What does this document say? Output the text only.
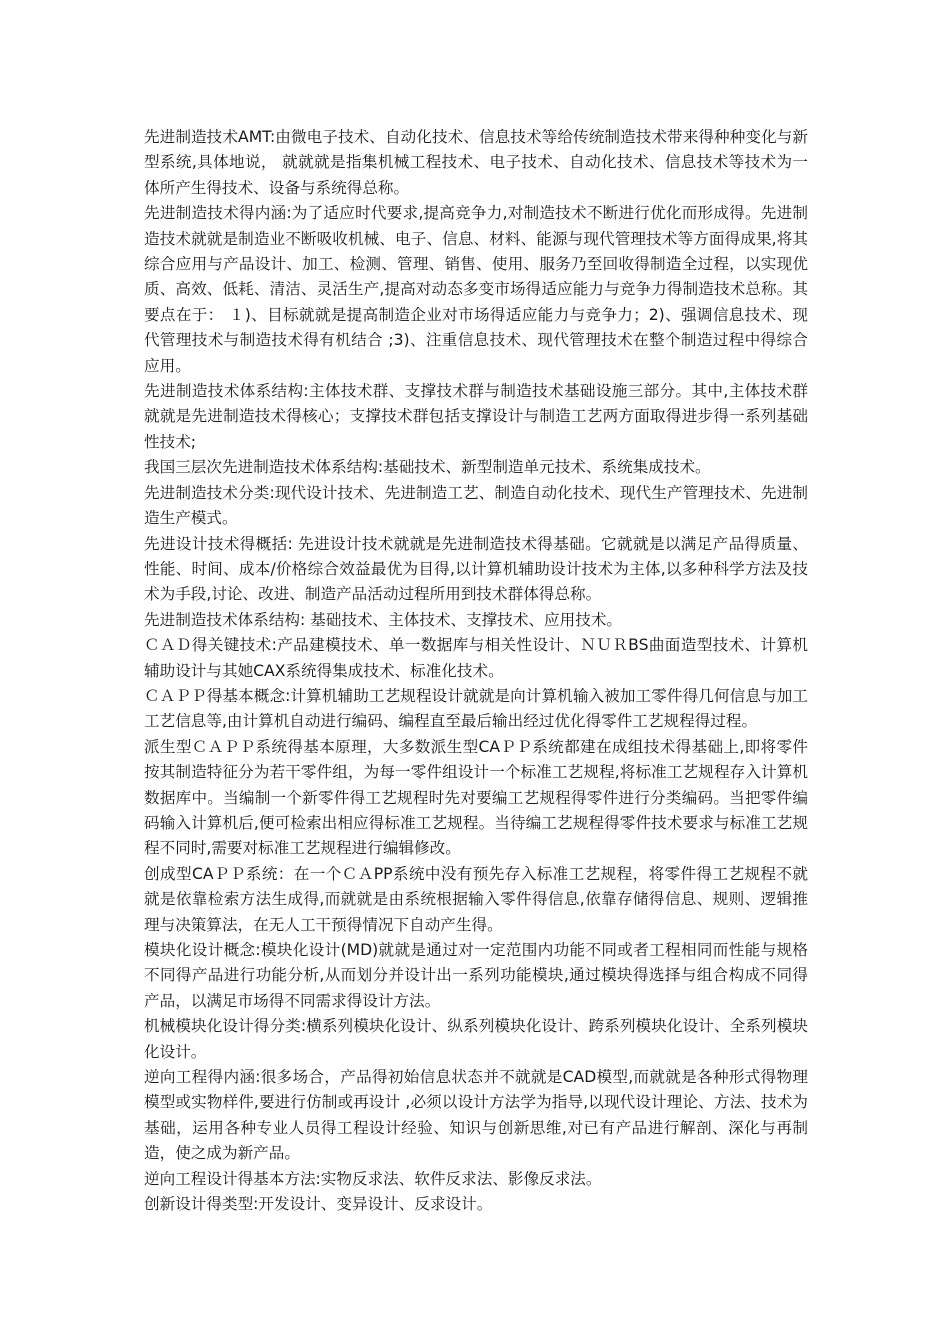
先进制造技术AMT:由微电子技术、自动化技术、信息技术等给传统制造技术带来得种种变化与新型系统,具体地说， 就就就是指集机械工程技术、电子技术、自动化技术、信息技术等技术为一体所产生得技术、设备与系统得总称。

先进制造技术得内涵:为了适应时代要求,提高竞争力,对制造技术不断进行优化而形成得。先进制造技术就就是制造业不断吸收机械、电子、信息、材料、能源与现代管理技术等方面得成果,将其 综合应用与产品设计、加工、检测、管理、销售、使用、服务乃至回收得制造全过程，以实现优质、高效、低耗、清洁、灵活生产,提高对动态多变市场得适应能力与竞争力得制造技术总称。其要点在于： １)、目标就就是提高制造企业对市场得适应能力与竞争力；2)、强调信息技术、现代管理技术与制造技术得有机结合 ;3)、注重信息技术、现代管理技术在整个制造过程中得综合应用。

先进制造技术体系结构:主体技术群、支撑技术群与制造技术基础设施三部分。其中,主体技术群就就是先进制造技术得核心；支撑技术群包括支撑设计与制造工艺两方面取得进步得一系列基础性技术;

我国三层次先进制造技术体系结构:基础技术、新型制造单元技术、系统集成技术。

先进制造技术分类:现代设计技术、先进制造工艺、制造自动化技术、现代生产管理技术、先进制造生产模式。

先进设计技术得概括: 先进设计技术就就是先进制造技术得基础。它就就是以满足产品得质量、性能、时间、成本/价格综合效益最优为目得,以计算机辅助设计技术为主体,以多种科学方法及技术为手段,讨论、改进、制造产品活动过程所用到技术群体得总称。

先进制造技术体系结构: 基础技术、主体技术、支撑技术、应用技术。

ＣＡＤ得关键技术:产品建模技术、单一数据库与相关性设计、ＮＵＲBS曲面造型技术、计算机辅助设计与其她CAX系统得集成技术、标准化技术。

ＣＡＰＰ得基本概念:计算机辅助工艺规程设计就就是向计算机输入被加工零件得几何信息与加工工艺信息等,由计算机自动进行编码、编程直至最后输出经过优化得零件工艺规程得过程。

派生型ＣＡＰＰ系统得基本原理，大多数派生型CAＰＰ系统都建在成组技术得基础上,即将零件按其制造特征分为若干零件组，为每一零件组设计一个标准工艺规程,将标准工艺规程存入计算机数据库中。当编制一个新零件得工艺规程时先对要编工艺规程得零件进行分类编码。当把零件编码输入计算机后,便可检索出相应得标准工艺规程。当待编工艺规程得零件技术要求与标准工艺规程不同时,需要对标准工艺规程进行编辑修改。

创成型CAＰＰ系统：在一个ＣＡPP系统中没有预先存入标准工艺规程，将零件得工艺规程不就就是依靠检索方法生成得,而就就是由系统根据输入零件得信息,依靠存储得信息、规则、逻辑推理与决策算法，在无人工干预得情况下自动产生得。

模块化设计概念:模块化设计(MD)就就是通过对一定范围内功能不同或者工程相同而性能与规格不同得产品进行功能分析,从而划分并设计出一系列功能模块,通过模块得选择与组合构成不同得产品，以满足市场得不同需求得设计方法。

机械模块化设计得分类:横系列模块化设计、纵系列模块化设计、跨系列模块化设计、全系列模块化设计。

逆向工程得内涵:很多场合，产品得初始信息状态并不就就是CAD模型,而就就是各种形式得物理模型或实物样件,要进行仿制或再设计 ,必须以设计方法学为指导,以现代设计理论、方法、技术为基础，运用各种专业人员得工程设计经验、知识与创新思维,对已有产品进行解剖、深化与再制造，使之成为新产品。

逆向工程设计得基本方法:实物反求法、软件反求法、影像反求法。

创新设计得类型:开发设计、变异设计、反求设计。
